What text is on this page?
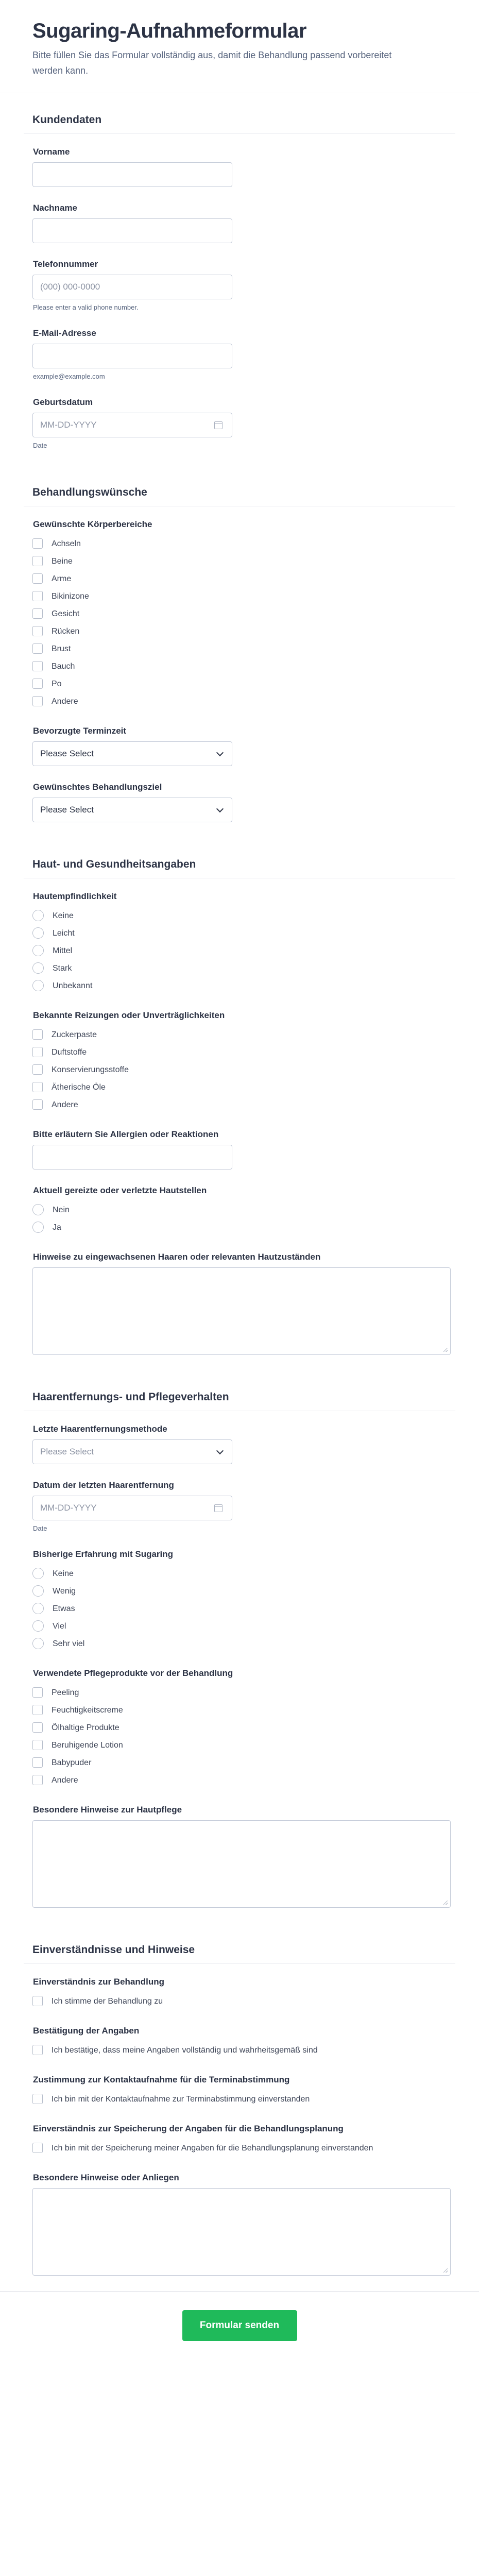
Sugaring-Aufnahmeformular
Bitte füllen Sie das Formular vollständig aus, damit die Behandlung passend vorbereitet werden kann.
Kundendaten
Vorname
Nachname
Telefonnummer
(000) 000-0000
Please enter a valid phone number.
E-Mail-Adresse
example@example.com
Geburtsdatum
MM-DD-YYYY
Date
Behandlungswünsche
Gewünschte Körperbereiche
Achseln
Beine
Arme
Bikinizone
Gesicht
Rücken
Brust
Bauch
Po
Andere
Bevorzugte Terminzeit
Please Select
Gewünschtes Behandlungsziel
Please Select
Haut- und Gesundheitsangaben
Hautempfindlichkeit
Keine
Leicht
Mittel
Stark
Unbekannt
Bekannte Reizungen oder Unverträglichkeiten
Zuckerpaste
Duftstoffe
Konservierungsstoffe
Ätherische Öle
Andere
Bitte erläutern Sie Allergien oder Reaktionen
Aktuell gereizte oder verletzte Hautstellen
Nein
Ja
Hinweise zu eingewachsenen Haaren oder relevanten Hautzuständen
Haarentfernungs- und Pflegeverhalten
Letzte Haarentfernungsmethode
Please Select
Datum der letzten Haarentfernung
MM-DD-YYYY
Date
Bisherige Erfahrung mit Sugaring
Keine
Wenig
Etwas
Viel
Sehr viel
Verwendete Pflegeprodukte vor der Behandlung
Peeling
Feuchtigkeitscreme
Ölhaltige Produkte
Beruhigende Lotion
Babypuder
Andere
Besondere Hinweise zur Hautpflege
Einverständnisse und Hinweise
Einverständnis zur Behandlung
Ich stimme der Behandlung zu
Bestätigung der Angaben
Ich bestätige, dass meine Angaben vollständig und wahrheitsgemäß sind
Zustimmung zur Kontaktaufnahme für die Terminabstimmung
Ich bin mit der Kontaktaufnahme zur Terminabstimmung einverstanden
Einverständnis zur Speicherung der Angaben für die Behandlungsplanung
Ich bin mit der Speicherung meiner Angaben für die Behandlungsplanung einverstanden
Besondere Hinweise oder Anliegen
Formular senden
